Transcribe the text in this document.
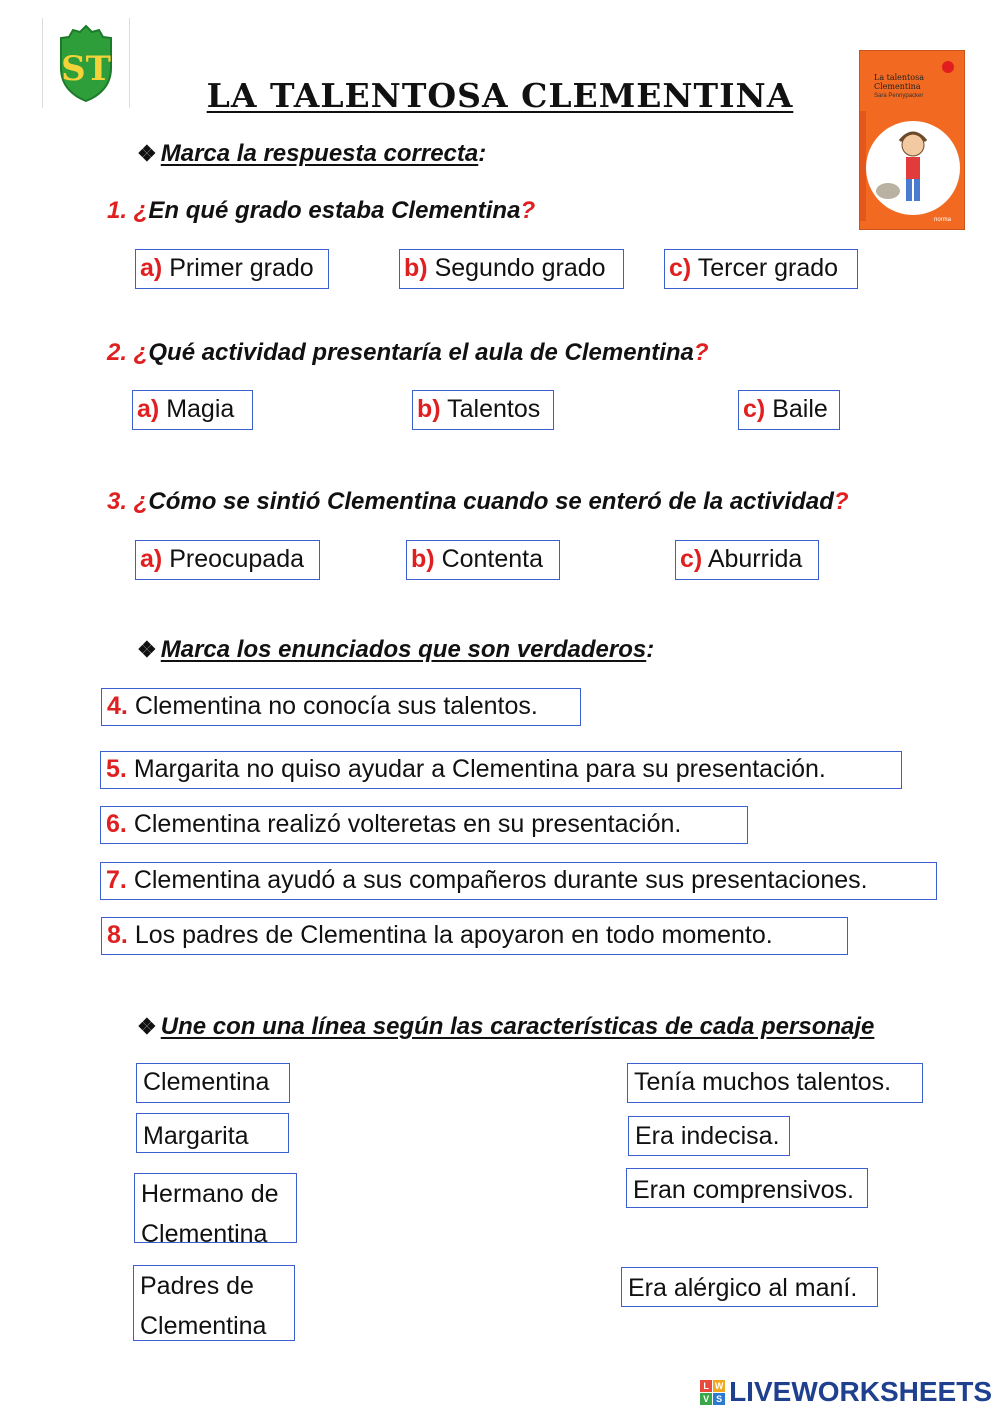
ST
LA TALENTOSA CLEMENTINA	La talentosa
Clementina
Sara Pennypacker
norma
❖ Marca la respuesta correcta:
1. ¿En qué grado estaba Clementina?
a) Primer grado	b) Segundo grado	c) Tercer grado
2. ¿Qué actividad presentaría el aula de Clementina?
a) Magia	b) Talentos	c) Baile
3. ¿Cómo se sintió Clementina cuando se enteró de la actividad?
a) Preocupada	b) Contenta	c) Aburrida
❖ Marca los enunciados que son verdaderos:
4. Clementina no conocía sus talentos.
5. Margarita no quiso ayudar a Clementina para su presentación.
6. Clementina realizó volteretas en su presentación.
7. Clementina ayudó a sus compañeros durante sus presentaciones.
8. Los padres de Clementina la apoyaron en todo momento.
❖ Une con una línea según las características de cada personaje
Clementina
Margarita
Hermano de
Clementina
Padres de
Clementina
Tenía muchos talentos.
Era indecisa.
Eran comprensivos.
Era alérgico al maní.
L W
V S LIVEWORKSHEETS
